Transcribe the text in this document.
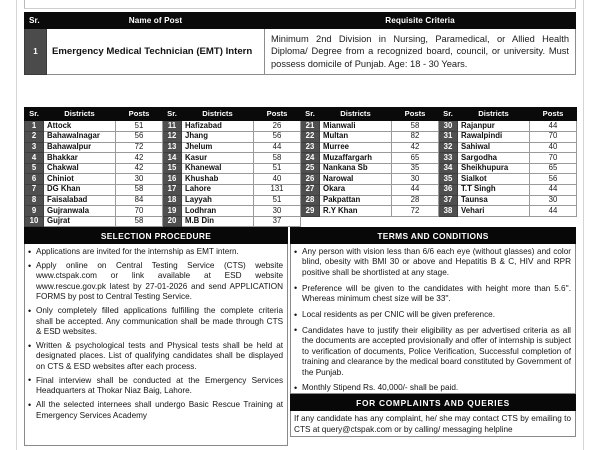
Sr.	Name of Post	Requisite Criteria
1	Emergency Medical Technician (EMT) Intern	Minimum 2nd Division in Nursing, Paramedical, or Allied Health Diploma/ Degree from a recognized board, council, or university. Must possess domicile of Punjab. Age: 18 - 30 Years.
Sr.	Districts	Posts	Sr.	Districts	Posts	Sr.	Districts	Posts	Sr.	Districts	Posts
1	Attock	51	11	Hafizabad	26	21	Mianwali	58	30	Rajanpur	44
2	Bahawalnagar	56	12	Jhang	56	22	Multan	82	31	Rawalpindi	70
3	Bahawalpur	72	13	Jhelum	44	23	Murree	42	32	Sahiwal	40
4	Bhakkar	42	14	Kasur	58	24	Muzaffargarh	65	33	Sargodha	70
5	Chakwal	42	15	Khanewal	51	25	Nankana Sb	35	34	Sheikhupura	65
6	Chiniot	30	16	Khushab	40	26	Narowal	30	35	Sialkot	56
7	DG Khan	58	17	Lahore	131	27	Okara	44	36	T.T Singh	44
8	Faisalabad	84	18	Layyah	51	28	Pakpattan	28	37	Taunsa	30
9	Gujranwala	70	19	Lodhran	30	29	R.Y Khan	72	38	Vehari	44
10	Gujrat	58	20	M.B Din	37						
SELECTION PROCEDURE
• Applications are invited for the internship as EMT intern.
• Apply online on Central Testing Service (CTS) website www.ctspak.com or link available at ESD website www.rescue.gov.pk latest by 27-01-2026 and send APPLICATION FORMS by post to Central Testing Service.
• Only completely filled applications fulfilling the complete criteria shall be accepted. Any communication shall be made through CTS & ESD websites.
• Written & psychological tests and Physical tests shall be held at designated places. List of qualifying candidates shall be displayed on CTS & ESD websites after each process.
• Final interview shall be conducted at the Emergency Services Headquarters at Thokar Niaz Baig, Lahore.
• All the selected internees shall undergo Basic Rescue Training at Emergency Services Academy
TERMS AND CONDITIONS
• Any person with vision less than 6/6 each eye (without glasses) and color blind, obesity with BMI 30 or above and Hepatitis B & C, HIV and RPR positive shall be shortlisted at any stage.
• Preference will be given to the candidates with height more than 5.6''. Whereas minimum chest size will be 33''.
• Local residents as per CNIC will be given preference.
• Candidates have to justify their eligibility as per advertised criteria as all the documents are accepted provisionally and offer of internship is subject to verification of documents, Police Verification, Successful completion of training and clearance by the medical board constituted by Government of the Punjab.
• Monthly Stipend Rs. 40,000/- shall be paid.
FOR COMPLAINTS AND QUERIES

If any candidate has any complaint, he/ she may contact CTS by emailing to CTS at query@ctspak.com or by calling/ messaging helpline
